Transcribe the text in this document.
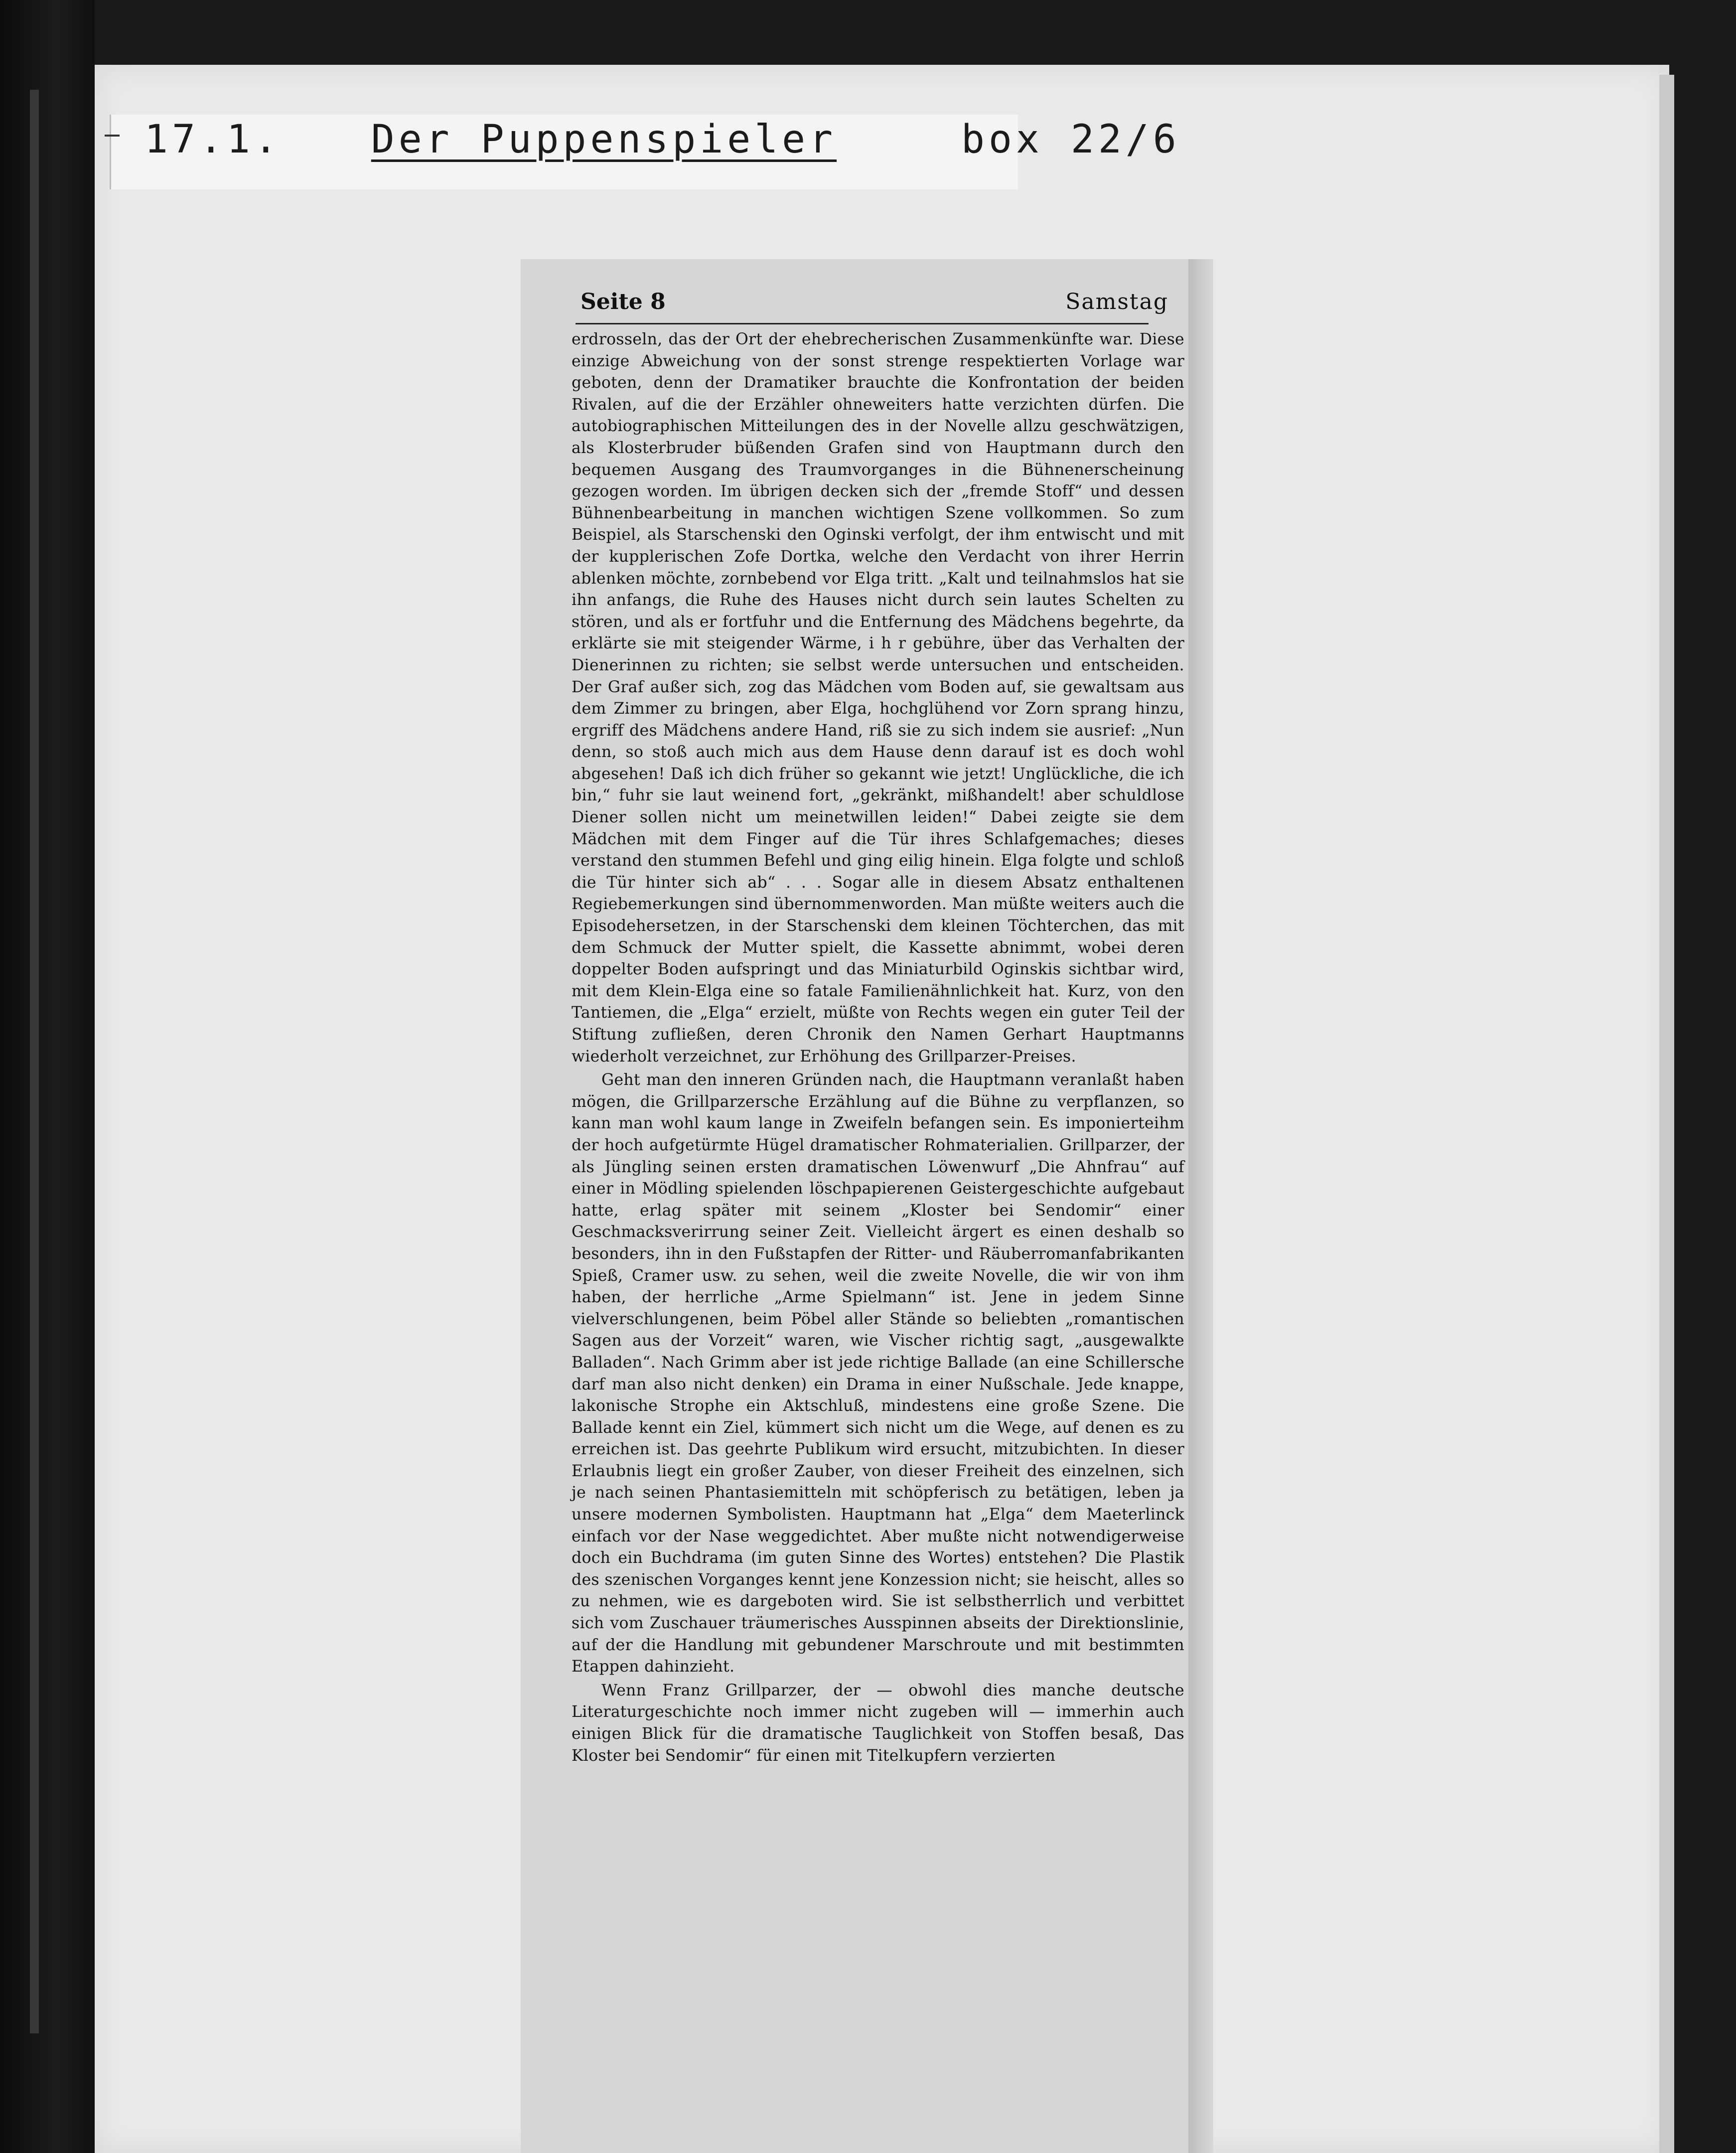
17.1. Der Puppenspieler	box 22/6
Seite 8	Samstag

erdrosseln, das der Ort der ehebrecherischen Zusammenkünfte war. Diese einzige Abweichung von der sonst strenge respektierten Vorlage war geboten, denn der Dramatiker brauchte die Konfrontation der beiden Rivalen, auf die der Erzähler ohneweiters hatte verzichten dürfen. Die autobiographischen Mitteilungen des in der Novelle allzu geschwätzigen, als Klosterbruder büßenden Grafen sind von Hauptmann durch den bequemen Ausgang des Traumvorganges in die Bühnenerscheinung gezogen worden. Im übrigen decken sich der „fremde Stoff“ und dessen Bühnenbearbeitung in manchen wichtigen Szene vollkommen. So zum Beispiel, als Starschenski den Oginski verfolgt, der ihm entwischt und mit der kupplerischen Zofe Dortka, welche den Verdacht von ihrer Herrin ablenken möchte, zornbebend vor Elga tritt. „Kalt und teilnahmslos hat sie ihn anfangs, die Ruhe des Hauses nicht durch sein lautes Schelten zu stören, und als er fortfuhr und die Entfernung des Mädchens begehrte, da erklärte sie mit steigender Wärme, i h r gebühre, über das Verhalten der Dienerinnen zu richten; sie selbst werde untersuchen und entscheiden. Der Graf außer sich, zog das Mädchen vom Boden auf, sie gewaltsam aus dem Zimmer zu bringen, aber Elga, hochglühend vor Zorn sprang hinzu, ergriff des Mädchens andere Hand, riß sie zu sich indem sie ausrief: „Nun denn, so stoß auch mich aus dem Hause denn darauf ist es doch wohl abgesehen! Daß ich dich früher so gekannt wie jetzt! Unglückliche, die ich bin,“ fuhr sie laut weinend fort, „gekränkt, mißhandelt! aber schuldlose Diener sollen nicht um meinetwillen leiden!“ Dabei zeigte sie dem Mädchen mit dem Finger auf die Tür ihres Schlafgemaches; dieses verstand den stummen Befehl und ging eilig hinein. Elga folgte und schloß die Tür hinter sich ab“ . . . Sogar alle in diesem Absatz enthaltenen Regiebemerkungen sind übernommenworden. Man müßte weiters auch die Episodehersetzen, in der Starschenski dem kleinen Töchterchen, das mit dem Schmuck der Mutter spielt, die Kassette abnimmt, wobei deren doppelter Boden aufspringt und das Miniaturbild Oginskis sichtbar wird, mit dem Klein-Elga eine so fatale Familienähnlichkeit hat. Kurz, von den Tantiemen, die „Elga“ erzielt, müßte von Rechts wegen ein guter Teil der Stiftung zufließen, deren Chronik den Namen Gerhart Hauptmanns wiederholt verzeichnet, zur Erhöhung des Grillparzer-Preises.

Geht man den inneren Gründen nach, die Hauptmann veranlaßt haben mögen, die Grillparzersche Erzählung auf die Bühne zu verpflanzen, so kann man wohl kaum lange in Zweifeln befangen sein. Es imponierteihm der hoch aufgetürmte Hügel dramatischer Rohmaterialien. Grillparzer, der als Jüngling seinen ersten dramatischen Löwenwurf „Die Ahnfrau“ auf einer in Mödling spielenden löschpapierenen Geistergeschichte aufgebaut hatte, erlag später mit seinem „Kloster bei Sendomir“ einer Geschmacksverirrung seiner Zeit. Vielleicht ärgert es einen deshalb so besonders, ihn in den Fußstapfen der Ritter- und Räuberromanfabrikanten Spieß, Cramer usw. zu sehen, weil die zweite Novelle, die wir von ihm haben, der herrliche „Arme Spielmann“ ist. Jene in jedem Sinne vielverschlungenen, beim Pöbel aller Stände so beliebten „romantischen Sagen aus der Vorzeit“ waren, wie Vischer richtig sagt, „ausgewalkte Balladen“. Nach Grimm aber ist jede richtige Ballade (an eine Schillersche darf man also nicht denken) ein Drama in einer Nußschale. Jede knappe, lakonische Strophe ein Aktschluß, mindestens eine große Szene. Die Ballade kennt ein Ziel, kümmert sich nicht um die Wege, auf denen es zu erreichen ist. Das geehrte Publikum wird ersucht, mitzubichten. In dieser Erlaubnis liegt ein großer Zauber, von dieser Freiheit des einzelnen, sich je nach seinen Phantasiemitteln mit schöpferisch zu betätigen, leben ja unsere modernen Symbolisten. Hauptmann hat „Elga“ dem Maeterlinck einfach vor der Nase weggedichtet. Aber mußte nicht notwendigerweise doch ein Buchdrama (im guten Sinne des Wortes) entstehen? Die Plastik des szenischen Vorganges kennt jene Konzession nicht; sie heischt, alles so zu nehmen, wie es dargeboten wird. Sie ist selbstherrlich und verbittet sich vom Zuschauer träumerisches Ausspinnen abseits der Direktionslinie, auf der die Handlung mit gebundener Marschroute und mit bestimmten Etappen dahinzieht.

Wenn Franz Grillparzer, der — obwohl dies manche deutsche Literaturgeschichte noch immer nicht zugeben will — immerhin auch einigen Blick für die dramatische Tauglichkeit von Stoffen besaß, Das Kloster bei Sendomir“ für einen mit Titelkupfern verzierten
